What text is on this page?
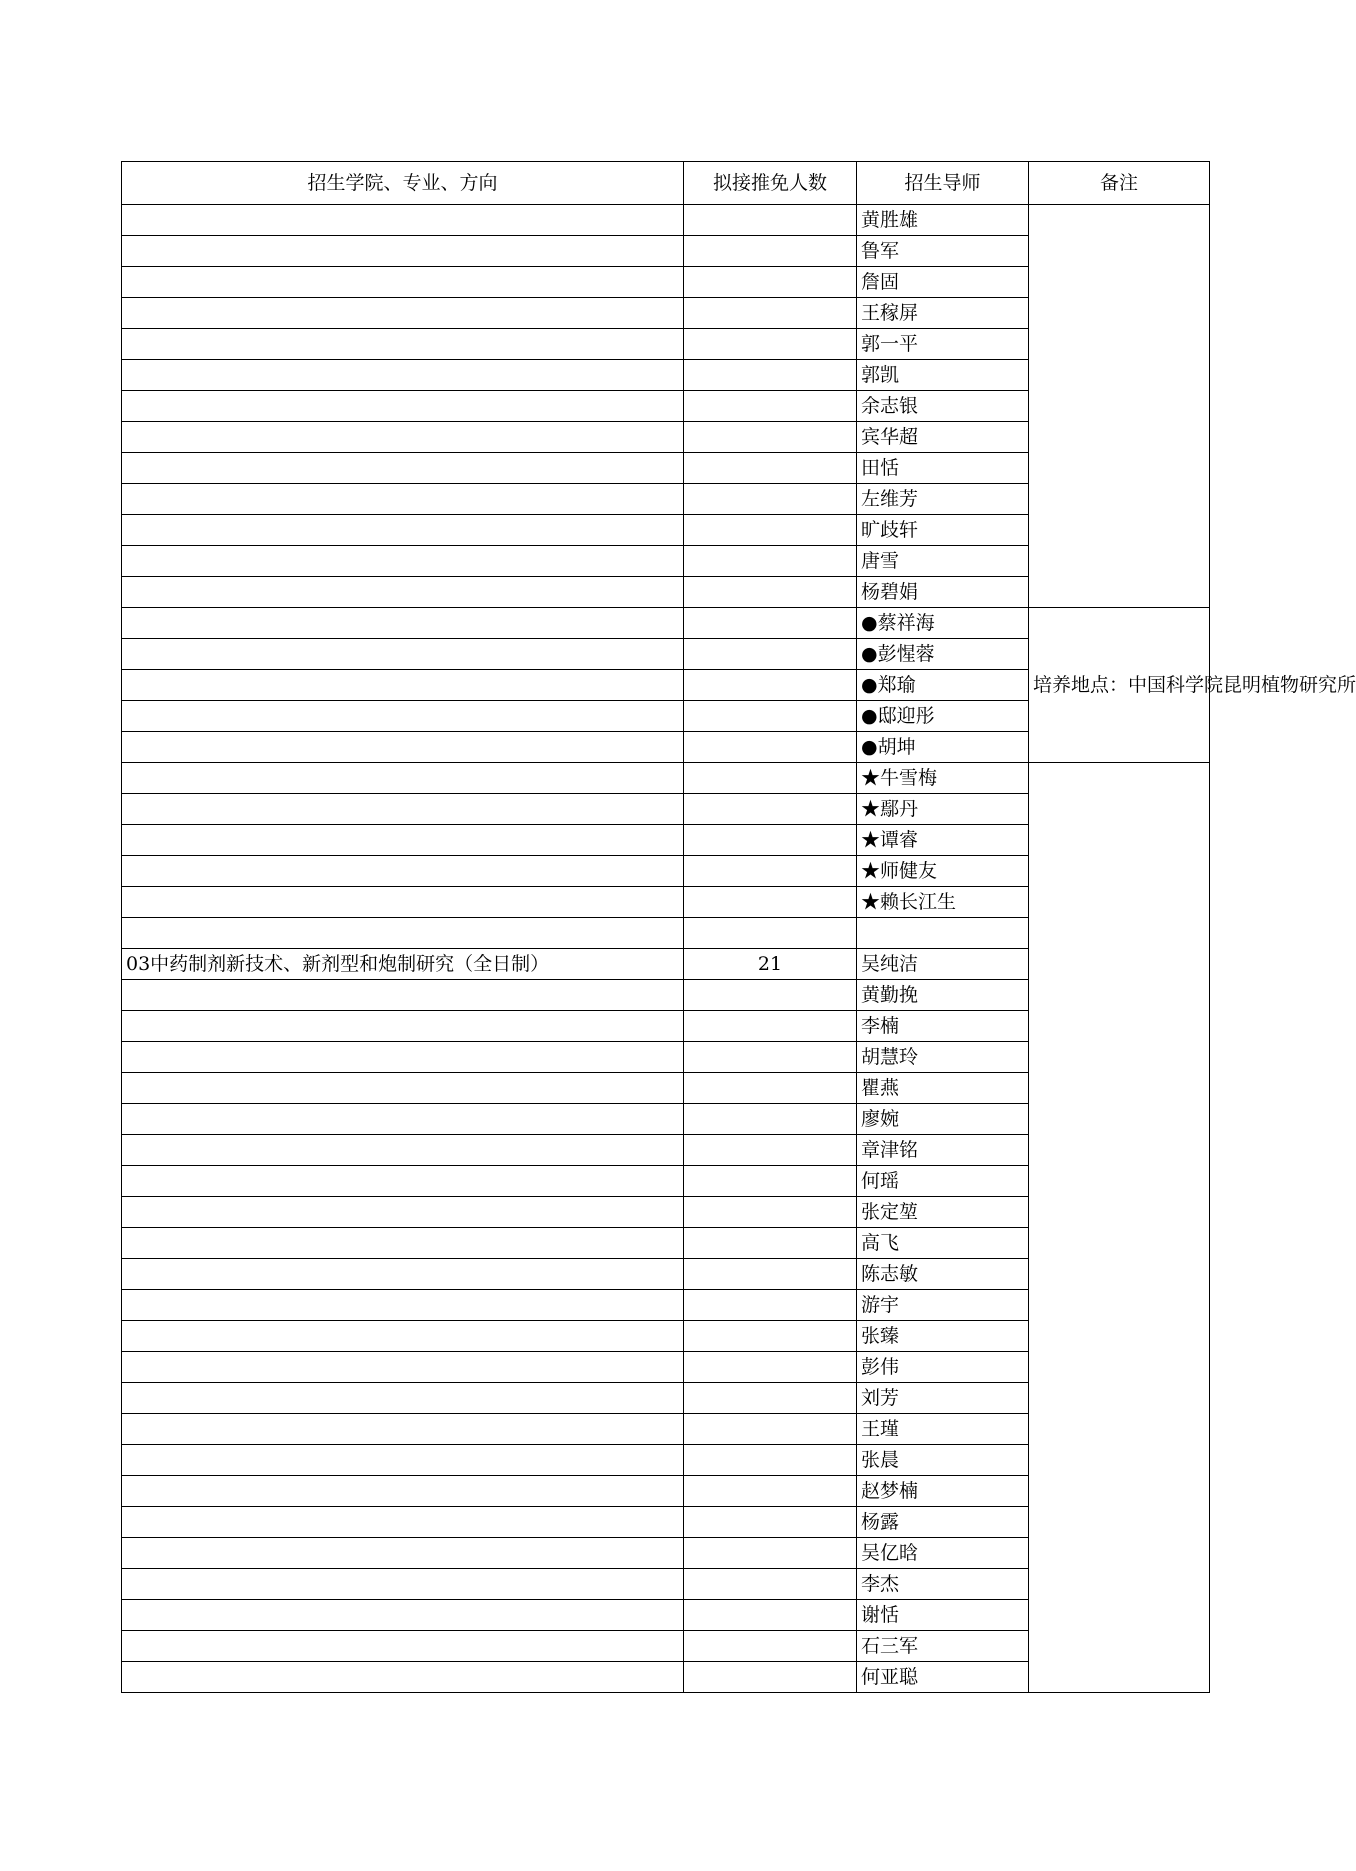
招生学院、专业、方向	拟接推免人数	招生导师	备注
		黄胜雄	
		鲁军	
		詹固	
		王稼屏	
		郭一平	
		郭凯	
		余志银	
		宾华超	
		田恬	
		左维芳	
		旷歧轩	
		唐雪	
		杨碧娟	
		●蔡祥海	培养地点：中国科学院昆明植物研究所
		●彭惺蓉	
		●郑瑜	
		●邸迎彤	
		●胡坤	
		★牛雪梅	
		★鄢丹	
		★谭睿	
		★师健友	
		★赖长江生	

03中药制剂新技术、新剂型和炮制研究（全日制）	21	吴纯洁	
		黄勤挽	
		李楠	
		胡慧玲	
		瞿燕	
		廖婉	
		章津铭	
		何瑶	
		张定堃	
		高飞	
		陈志敏	
		游宇	
		张臻	
		彭伟	
		刘芳	
		王瑾	
		张晨	
		赵梦楠	
		杨露	
		吴亿晗	
		李杰	
		谢恬	
		石三军	
		何亚聪	
